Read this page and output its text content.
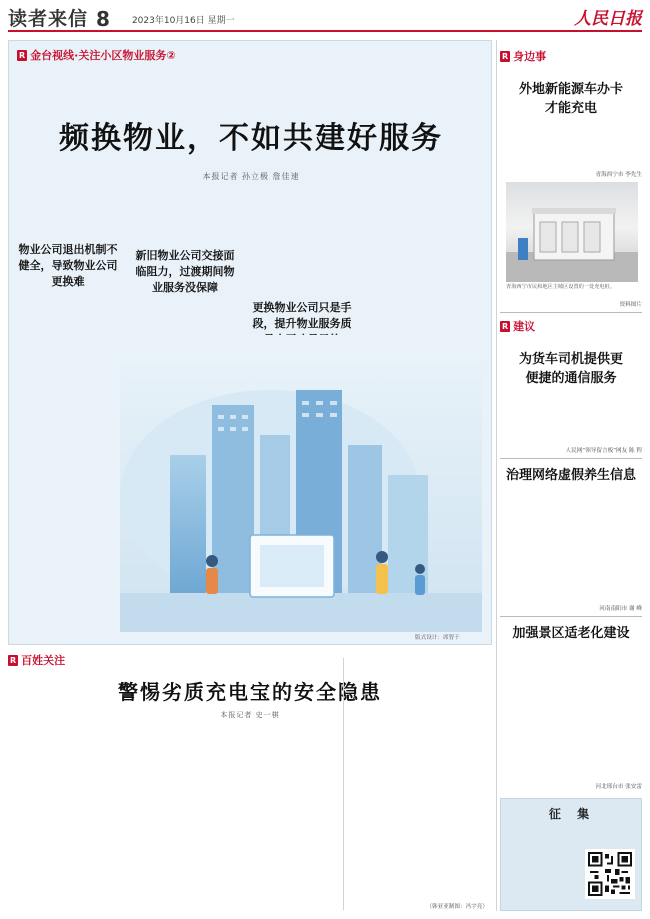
读者来信 8 2023年10月16日 星期一	人民日报
R 金台视线·关注小区物业服务②
频换物业，不如共建好服务
本报记者 孙立极 詹佳速
物业公司退出机制不健全，导致物业公司更换难
新旧物业公司交接面临阻力，过渡期间物业服务没保障
更换物业公司只是手段，提升物业服务质
版式设计：席智千
R 身边事
外地新能源车办卡才能充电
青海西宁市 李先生
青海西宁市民和地区主城区设置的一处充电桩。
资料图片
R 建议
为货车司机提供更便捷的通信服务
人民网“领导留言板”网友 陈 程
治理网络虚假养生信息
河南南阳市 谢 峰
加强景区适老化建设
河北邢台市 张安雷
征 集
R 百姓关注
警惕劣质充电宝的安全隐患
本报记者 史一棋
（韩亚亚制图：冯宇亮）
